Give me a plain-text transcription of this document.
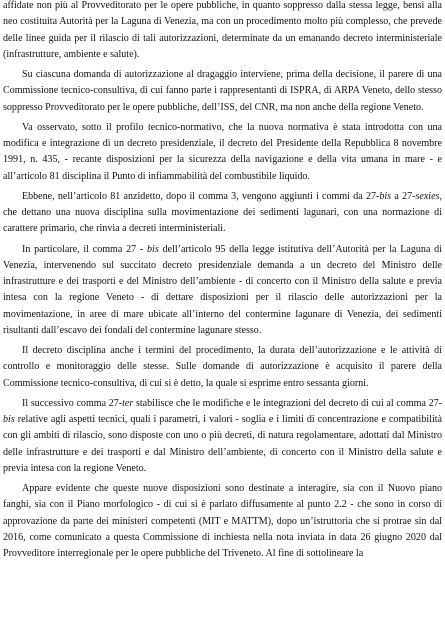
affidate non più al Provveditorato per le opere pubbliche, in quanto soppresso dalla stessa legge, bensì alla neo costituita Autorità per la Laguna di Venezia, ma con un procedimento molto più complesso, che prevede delle linee guida per il rilascio di tali autorizzazioni, determinate da un emanando decreto interministeriale (infrastrutture, ambiente e salute).

Su ciascuna domanda di autorizzazione al dragaggio interviene, prima della decisione, il parere di una Commissione tecnico-consultiva, di cui fanno parte i rappresentanti di ISPRA, di ARPA Veneto, dello stesso soppresso Provveditorato per le opere pubbliche, dell’ISS, del CNR, ma non anche della regione Veneto.

Va osservato, sotto il profilo tecnico-normativo, che la nuova normativa è stata introdotta con una modifica e integrazione di un decreto presidenziale, il decreto del Presidente della Repubblica 8 novembre 1991, n. 435, - recante disposizioni per la sicurezza della navigazione e della vita umana in mare - e all’articolo 81 disciplina il Punto di infiammabilità del combustibile liquido.

Ebbene, nell’articolo 81 anzidetto, dopo il comma 3, vengono aggiunti i commi da 27-bis a 27-sexies, che dettano una nuova disciplina sulla movimentazione dei sedimenti lagunari, con una normazione di carattere primario, che rinvia a decreti interministeriali.

In particolare, il comma 27 - bis dell’articolo 95 della legge istitutiva dell’Autorità per la Laguna di Venezia, intervenendo sul succitato decreto presidenziale demanda a un decreto del Ministro delle infrastrutture e dei trasporti e del Ministro dell’ambiente - di concerto con il Ministro della salute e previa intesa con la regione Veneto - di dettare disposizioni per il rilascio delle autorizzazioni per la movimentazione, in aree di mare ubicate all’interno del conterminе lagunare di Venezia, dei sedimenti risultanti dall’escavo dei fondali del conterminе lagunare stesso.

Il decreto disciplina anche i termini del procedimento, la durata dell’autorizzazione e le attività di controllo e monitoraggio delle stesse. Sulle domande di autorizzazione è acquisito il parere della Commissione tecnico-consultiva, di cui si è detto, la quale si esprime entro sessanta giorni.

Il successivo comma 27-ter stabilisce che le modifiche e le integrazioni del decreto di cui al comma 27-bis relative agli aspetti tecnici, quali i parametri, i valori - soglia e i limiti di concentrazione e compatibilità con gli ambiti di rilascio, sono disposte con uno o più decreti, di natura regolamentare, adottati dal Ministro delle infrastrutture e dei trasporti e dal Ministro dell’ambiente, di concerto con il Ministro della salute e previa intesa con la regione Veneto.

Appare evidente che queste nuove disposizioni sono destinate a interagire, sia con il Nuovo piano fanghi, sia con il Piano morfologico - di cui si è parlato diffusamente al punto 2.2 - che sono in corso di approvazione da parte dei ministeri competenti (MIT e MATTM), dopo un’istruttoria che si protrae sin dal 2016, come comunicato a questa Commissione di inchiesta nella nota inviata in data 26 giugno 2020 dal Provveditore interregionale per le opere pubbliche del Triveneto. Al fine di sottolineare la
